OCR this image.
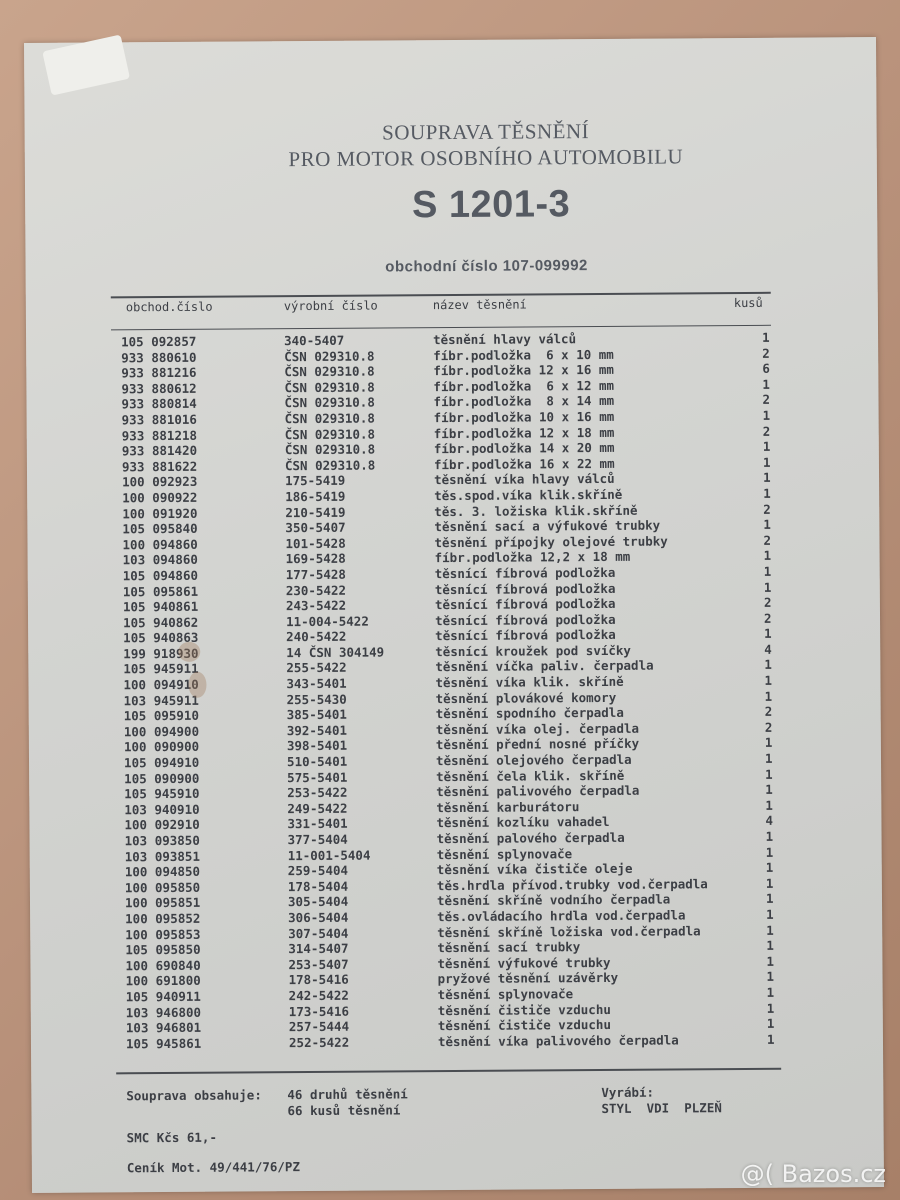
SOUPRAVA TĚSNĚNÍ
PRO MOTOR OSOBNÍHO AUTOMOBILU
S 1201-3
obchodní číslo 107-099992
obchod.číslo	výrobní číslo	název těsnění	kusů
105 092857	340-5407	těsnění hlavy válců	1
933 880610	ČSN 029310.8	fíbr.podložka  6 x 10 mm	2
933 881216	ČSN 029310.8	fíbr.podložka 12 x 16 mm	6
933 880612	ČSN 029310.8	fíbr.podložka  6 x 12 mm	1
933 880814	ČSN 029310.8	fíbr.podložka  8 x 14 mm	2
933 881016	ČSN 029310.8	fíbr.podložka 10 x 16 mm	1
933 881218	ČSN 029310.8	fíbr.podložka 12 x 18 mm	2
933 881420	ČSN 029310.8	fíbr.podložka 14 x 20 mm	1
933 881622	ČSN 029310.8	fíbr.podložka 16 x 22 mm	1
100 092923	175-5419	těsnění víka hlavy válců	1
100 090922	186-5419	těs.spod.víka klik.skříně	1
100 091920	210-5419	těs. 3. ložiska klik.skříně	2
105 095840	350-5407	těsnění sací a výfukové trubky	1
100 094860	101-5428	těsnění přípojky olejové trubky	2
103 094860	169-5428	fíbr.podložka 12,2 x 18 mm	1
105 094860	177-5428	těsnící fíbrová podložka	1
105 095861	230-5422	těsnící fíbrová podložka	1
105 940861	243-5422	těsnící fíbrová podložka	2
105 940862	11-004-5422	těsnící fíbrová podložka	2
105 940863	240-5422	těsnící fíbrová podložka	1
199 918930	14 ČSN 304149	těsnící kroužek pod svíčky	4
105 945911	255-5422	těsnění víčka paliv. čerpadla	1
100 094910	343-5401	těsnění víka klik. skříně	1
103 945911	255-5430	těsnění plovákové komory	1
105 095910	385-5401	těsnění spodního čerpadla	2
100 094900	392-5401	těsnění víka olej. čerpadla	2
100 090900	398-5401	těsnění přední nosné příčky	1
105 094910	510-5401	těsnění olejového čerpadla	1
105 090900	575-5401	těsnění čela klik. skříně	1
105 945910	253-5422	těsnění palivového čerpadla	1
103 940910	249-5422	těsnění karburátoru	1
100 092910	331-5401	těsnění kozlíku vahadel	4
103 093850	377-5404	těsnění palového čerpadla	1
103 093851	11-001-5404	těsnění splynovače	1
100 094850	259-5404	těsnění víka čističe oleje	1
100 095850	178-5404	těs.hrdla přívod.trubky vod.čerpadla	1
100 095851	305-5404	těsnění skříně vodního čerpadla	1
100 095852	306-5404	těs.ovládacího hrdla vod.čerpadla	1
100 095853	307-5404	těsnění skříně ložiska vod.čerpadla	1
105 095850	314-5407	těsnění sací trubky	1
100 690840	253-5407	těsnění výfukové trubky	1
100 691800	178-5416	pryžové těsnění uzávěrky	1
105 940911	242-5422	těsnění splynovače	1
103 946800	173-5416	těsnění čističe vzduchu	1
103 946801	257-5444	těsnění čističe vzduchu	1
105 945861	252-5422	těsnění víka palivového čerpadla	1
Souprava obsahuje: 46 druhů těsnění
66 kusů těsnění
Vyrábí:
STYL  VDI  PLZEŇ
SMC Kčs 61,-
Ceník Mot. 49/441/76/PZ	@( Bazos.cz
